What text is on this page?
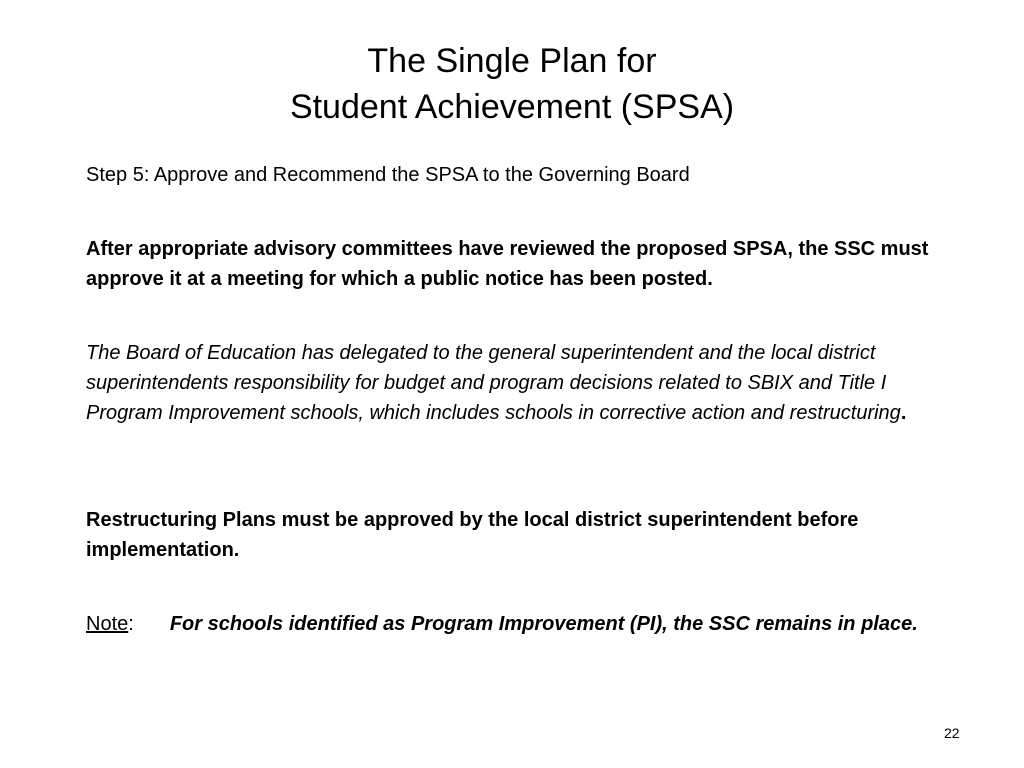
The Single Plan for
Student Achievement (SPSA)
Step 5: Approve and Recommend the SPSA to the Governing Board
After appropriate advisory committees have reviewed the proposed SPSA, the SSC must approve it at a meeting for which a public notice has been posted.
The Board of Education has delegated to the general superintendent and the local district superintendents responsibility for budget and program decisions related to SBIX and Title I Program Improvement schools, which includes schools in corrective action and restructuring.
Restructuring Plans must be approved by the local district superintendent before implementation.
Note: For schools identified as Program Improvement (PI), the SSC remains in place.
22
